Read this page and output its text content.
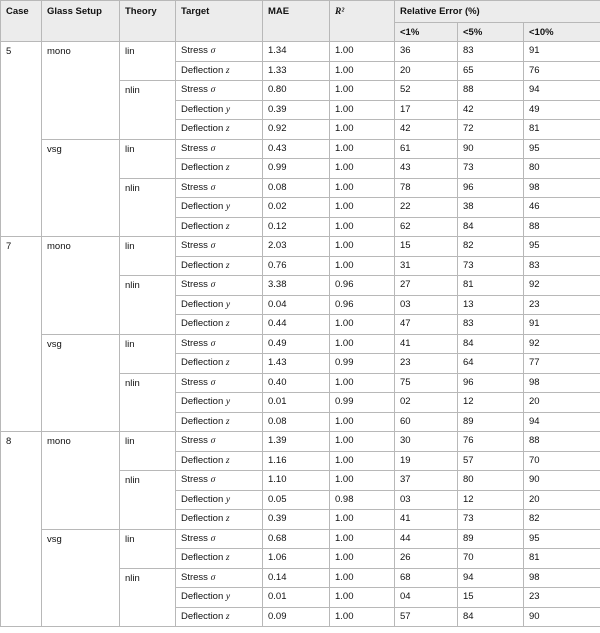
Case	Glass Setup	Theory	Target	MAE	R²	Relative Error (%)		
						<1%	<5%	<10%
5	mono	lin	Stress σ	1.34	1.00	36	83	91
			Deflection z	1.33	1.00	20	65	76
		nlin	Stress σ	0.80	1.00	52	88	94
			Deflection y	0.39	1.00	17	42	49
			Deflection z	0.92	1.00	42	72	81
	vsg	lin	Stress σ	0.43	1.00	61	90	95
			Deflection z	0.99	1.00	43	73	80
		nlin	Stress σ	0.08	1.00	78	96	98
			Deflection y	0.02	1.00	22	38	46
			Deflection z	0.12	1.00	62	84	88
7	mono	lin	Stress σ	2.03	1.00	15	82	95
			Deflection z	0.76	1.00	31	73	83
		nlin	Stress σ	3.38	0.96	27	81	92
			Deflection y	0.04	0.96	03	13	23
			Deflection z	0.44	1.00	47	83	91
	vsg	lin	Stress σ	0.49	1.00	41	84	92
			Deflection z	1.43	0.99	23	64	77
		nlin	Stress σ	0.40	1.00	75	96	98
			Deflection y	0.01	0.99	02	12	20
			Deflection z	0.08	1.00	60	89	94
8	mono	lin	Stress σ	1.39	1.00	30	76	88
			Deflection z	1.16	1.00	19	57	70
		nlin	Stress σ	1.10	1.00	37	80	90
			Deflection y	0.05	0.98	03	12	20
			Deflection z	0.39	1.00	41	73	82
	vsg	lin	Stress σ	0.68	1.00	44	89	95
			Deflection z	1.06	1.00	26	70	81
		nlin	Stress σ	0.14	1.00	68	94	98
			Deflection y	0.01	1.00	04	15	23
			Deflection z	0.09	1.00	57	84	90
